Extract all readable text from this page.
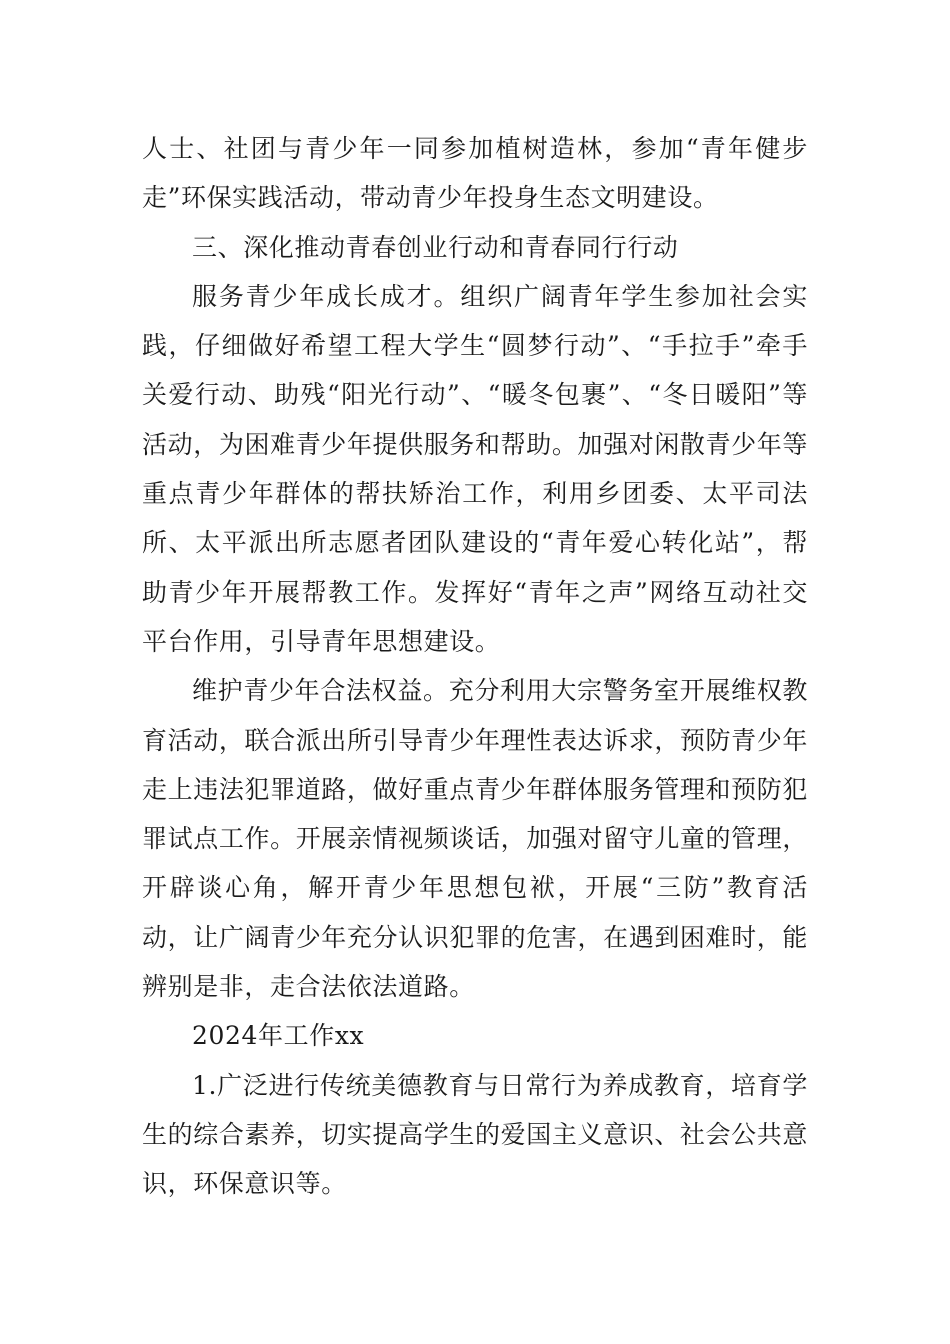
人士、社团与青少年一同参加植树造林，参加“青年健步走”环保实践活动，带动青少年投身生态文明建设。

三、深化推动青春创业行动和青春同行行动

服务青少年成长成才。组织广阔青年学生参加社会实践，仔细做好希望工程大学生“圆梦行动”、“手拉手”牵手关爱行动、助残“阳光行动”、“暖冬包裹”、“冬日暖阳”等活动，为困难青少年提供服务和帮助。加强对闲散青少年等重点青少年群体的帮扶矫治工作，利用乡团委、太平司法所、太平派出所志愿者团队建设的“青年爱心转化站”，帮助青少年开展帮教工作。发挥好“青年之声”网络互动社交平台作用，引导青年思想建设。

维护青少年合法权益。充分利用大宗警务室开展维权教育活动，联合派出所引导青少年理性表达诉求，预防青少年走上违法犯罪道路，做好重点青少年群体服务管理和预防犯罪试点工作。开展亲情视频谈话，加强对留守儿童的管理，开辟谈心角，解开青少年思想包袱，开展“三防”教育活动，让广阔青少年充分认识犯罪的危害，在遇到困难时，能辨别是非，走合法依法道路。

2024年工作xx

1.广泛进行传统美德教育与日常行为养成教育，培育学生的综合素养，切实提高学生的爱国主义意识、社会公共意识，环保意识等。
